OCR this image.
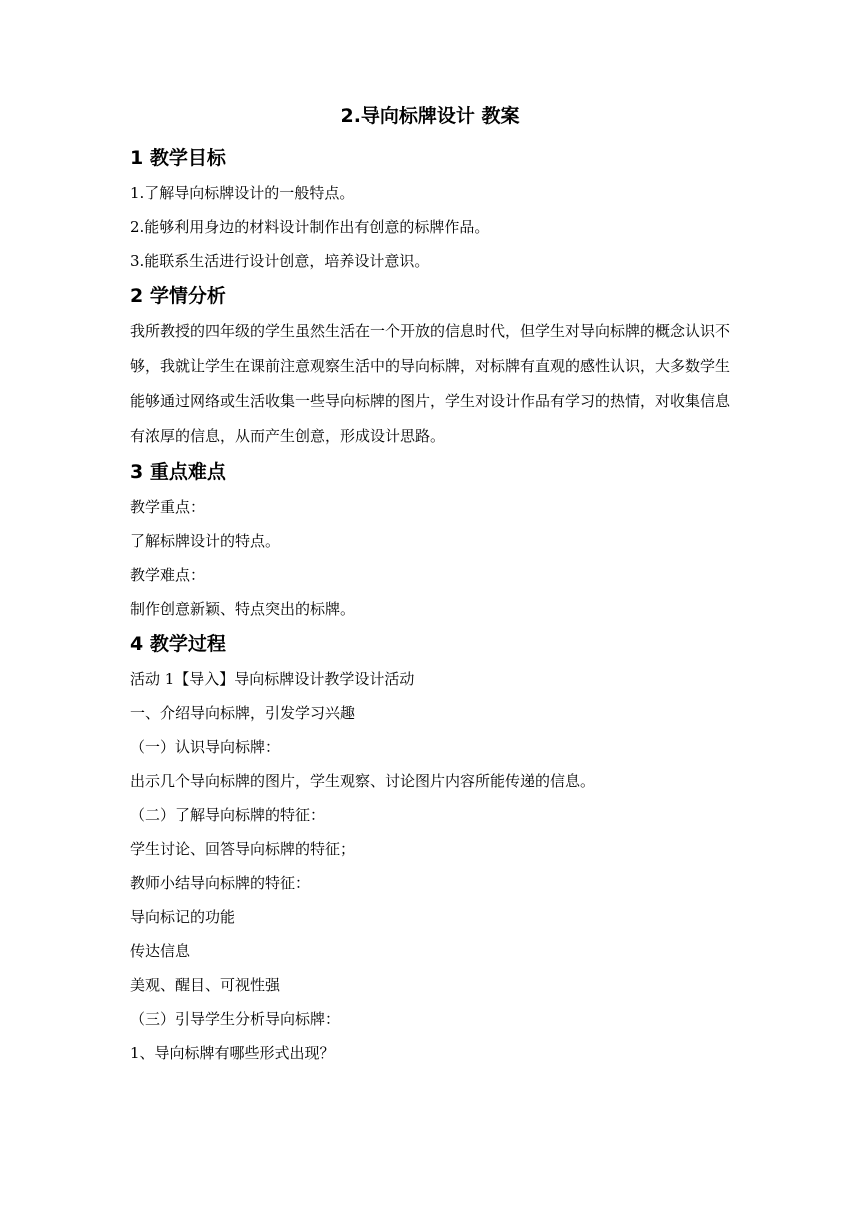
2.导向标牌设计 教案
1 教学目标
1.了解导向标牌设计的一般特点。
2.能够利用身边的材料设计制作出有创意的标牌作品。
3.能联系生活进行设计创意，培养设计意识。
2 学情分析
我所教授的四年级的学生虽然生活在一个开放的信息时代，但学生对导向标牌的概念认识不够，我就让学生在课前注意观察生活中的导向标牌，对标牌有直观的感性认识，大多数学生能够通过网络或生活收集一些导向标牌的图片，学生对设计作品有学习的热情，对收集信息有浓厚的信息，从而产生创意，形成设计思路。
3 重点难点
教学重点：
了解标牌设计的特点。
教学难点：
制作创意新颖、特点突出的标牌。
4 教学过程
活动 1【导入】导向标牌设计教学设计活动
一、介绍导向标牌，引发学习兴趣
（一）认识导向标牌：
出示几个导向标牌的图片，学生观察、讨论图片内容所能传递的信息。
（二）了解导向标牌的特征：
学生讨论、回答导向标牌的特征；
教师小结导向标牌的特征：
导向标记的功能
传达信息
美观、醒目、可视性强
（三）引导学生分析导向标牌：
1、导向标牌有哪些形式出现？
